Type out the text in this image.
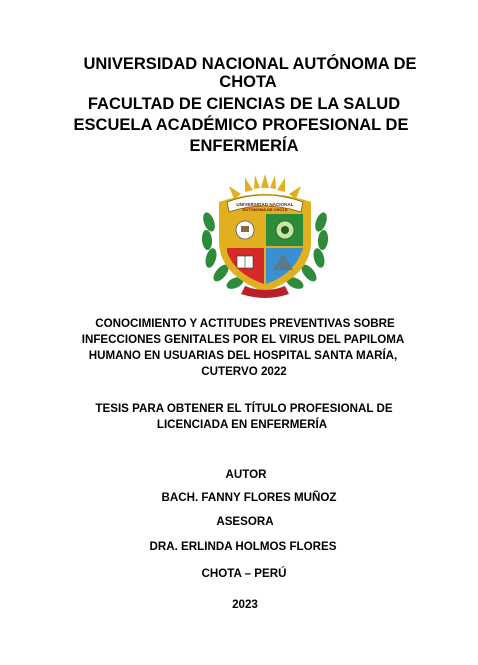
UNIVERSIDAD NACIONAL AUTÓNOMA DE
CHOTA
FACULTAD DE CIENCIAS DE LA SALUD
ESCUELA ACADÉMICO PROFESIONAL DE
ENFERMERÍA
UNIVERSIDAD NACIONAL
AUTÓNOMA DE CHOTA
CONOCIMIENTO Y ACTITUDES PREVENTIVAS SOBRE
INFECCIONES GENITALES POR EL VIRUS DEL PAPILOMA
HUMANO EN USUARIAS DEL HOSPITAL SANTA MARÍA,
CUTERVO 2022
TESIS PARA OBTENER EL TÍTULO PROFESIONAL DE
LICENCIADA EN ENFERMERÍA
AUTOR
BACH. FANNY FLORES MUÑOZ
ASESORA
DRA. ERLINDA HOLMOS FLORES
CHOTA – PERÚ
2023
